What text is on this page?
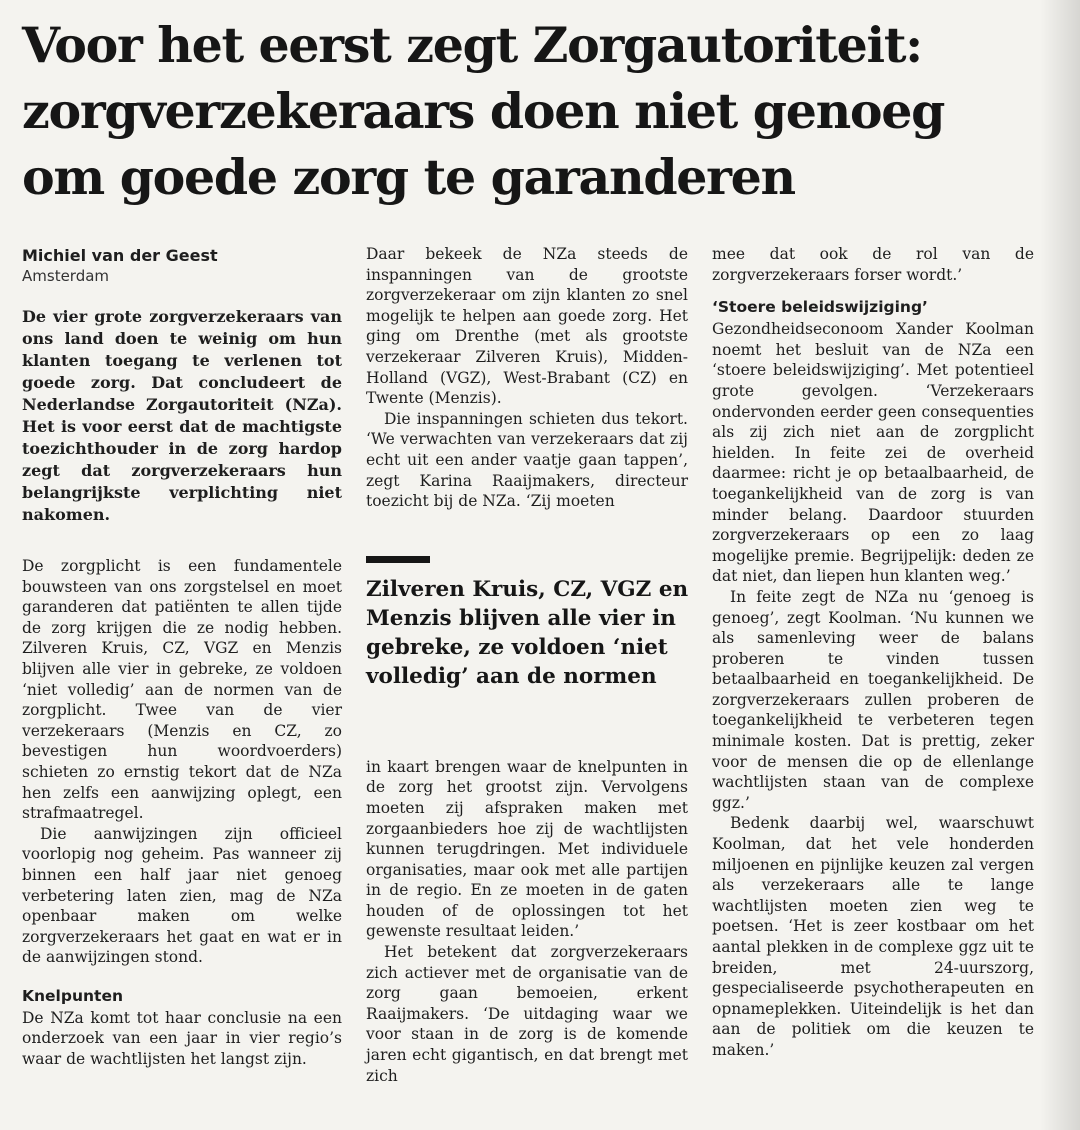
Voor het eerst zegt Zorgautoriteit:
zorgverzekeraars doen niet genoeg
om goede zorg te garanderen
Michiel van der Geest
Amsterdam

De vier grote zorgverzekeraars van ons land doen te weinig om hun klanten toegang te verlenen tot goede zorg. Dat concludeert de Nederlandse Zorgautoriteit (NZa). Het is voor eerst dat de machtigste toezichthouder in de zorg hardop zegt dat zorgverzekeraars hun belangrijkste verplichting niet nakomen.

De zorgplicht is een fundamentele bouwsteen van ons zorgstelsel en moet garanderen dat patiënten te allen tijde de zorg krijgen die ze nodig hebben. Zilveren Kruis, CZ, VGZ en Menzis blijven alle vier in gebreke, ze voldoen ‘niet volledig’ aan de normen van de zorgplicht. Twee van de vier verzekeraars (Menzis en CZ, zo bevestigen hun woordvoerders) schieten zo ernstig tekort dat de NZa hen zelfs een aanwijzing oplegt, een strafmaatregel.

Die aanwijzingen zijn officieel voorlopig nog geheim. Pas wanneer zij binnen een half jaar niet genoeg verbetering laten zien, mag de NZa openbaar maken om welke zorgverzekeraars het gaat en wat er in de aanwijzingen stond.

Knelpunten

De NZa komt tot haar conclusie na een onderzoek van een jaar in vier regio’s waar de wachtlijsten het langst zijn.

Daar bekeek de NZa steeds de inspanningen van de grootste zorgverzekeraar om zijn klanten zo snel mogelijk te helpen aan goede zorg. Het ging om Drenthe (met als grootste verzekeraar Zilveren Kruis), Midden-Holland (VGZ), West-Brabant (CZ) en Twente (Menzis).

Die inspanningen schieten dus tekort. ‘We verwachten van verzekeraars dat zij echt uit een ander vaatje gaan tappen’, zegt Karina Raaijmakers, directeur toezicht bij de NZa. ‘Zij moeten

Zilveren Kruis, CZ, VGZ en
Menzis blijven alle vier in
gebreke, ze voldoen ‘niet
volledig’ aan de normen

in kaart brengen waar de knelpunten in de zorg het grootst zijn. Vervolgens moeten zij afspraken maken met zorgaanbieders hoe zij de wachtlijsten kunnen terugdringen. Met individuele organisaties, maar ook met alle partijen in de regio. En ze moeten in de gaten houden of de oplossingen tot het gewenste resultaat leiden.’

Het betekent dat zorgverzekeraars zich actiever met de organisatie van de zorg gaan bemoeien, erkent Raaijmakers. ‘De uitdaging waar we voor staan in de zorg is de komende jaren echt gigantisch, en dat brengt met zich

mee dat ook de rol van de zorgverzekeraars forser wordt.’

‘Stoere beleidswijziging’

Gezondheidseconoom Xander Koolman noemt het besluit van de NZa een ‘stoere beleidswijziging’. Met potentieel grote gevolgen. ‘Verzekeraars ondervonden eerder geen consequenties als zij zich niet aan de zorgplicht hielden. In feite zei de overheid daarmee: richt je op betaalbaarheid, de toegankelijkheid van de zorg is van minder belang. Daardoor stuurden zorgverzekeraars op een zo laag mogelijke premie. Begrijpelijk: deden ze dat niet, dan liepen hun klanten weg.’

In feite zegt de NZa nu ‘genoeg is genoeg’, zegt Koolman. ‘Nu kunnen we als samenleving weer de balans proberen te vinden tussen betaalbaarheid en toegankelijkheid. De zorgverzekeraars zullen proberen de toegankelijkheid te verbeteren tegen minimale kosten. Dat is prettig, zeker voor de mensen die op de ellenlange wachtlijsten staan van de complexe ggz.’

Bedenk daarbij wel, waarschuwt Koolman, dat het vele honderden miljoenen en pijnlijke keuzen zal vergen als verzekeraars alle te lange wachtlijsten moeten zien weg te poetsen. ‘Het is zeer kostbaar om het aantal plekken in de complexe ggz uit te breiden, met 24-uurszorg, gespecialiseerde psychotherapeuten en opnameplekken. Uiteindelijk is het dan aan de politiek om die keuzen te maken.’
